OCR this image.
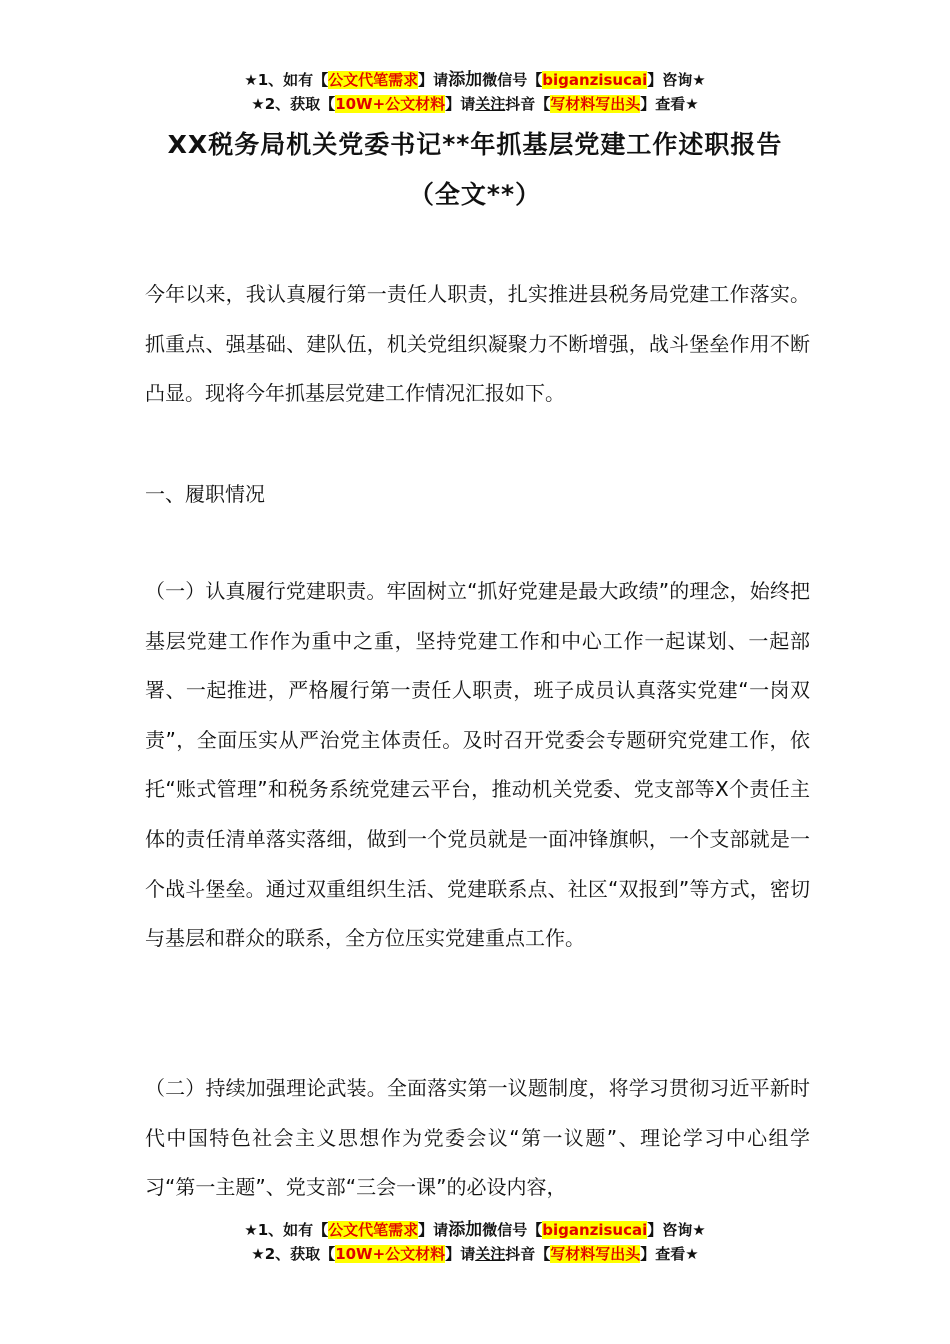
★1、如有【公文代笔需求】请添加微信号【biganzisucai】咨询★
★2、获取【10W+公文材料】请关注抖音【写材料写出头】查看★
XX税务局机关党委书记**年抓基层党建工作述职报告（全文**）

今年以来，我认真履行第一责任人职责，扎实推进县税务局党建工作落实。抓重点、强基础、建队伍，机关党组织凝聚力不断增强，战斗堡垒作用不断凸显。现将今年抓基层党建工作情况汇报如下。

一、履职情况

（一）认真履行党建职责。牢固树立“抓好党建是最大政绩”的理念，始终把基层党建工作作为重中之重，坚持党建工作和中心工作一起谋划、一起部署、一起推进，严格履行第一责任人职责，班子成员认真落实党建“一岗双责”，全面压实从严治党主体责任。及时召开党委会专题研究党建工作，依托“账式管理”和税务系统党建云平台，推动机关党委、党支部等X个责任主体的责任清单落实落细，做到一个党员就是一面冲锋旗帜，一个支部就是一个战斗堡垒。通过双重组织生活、党建联系点、社区“双报到”等方式，密切与基层和群众的联系，全方位压实党建重点工作。

（二）持续加强理论武装。全面落实第一议题制度，将学习贯彻习近平新时代中国特色社会主义思想作为党委会议“第一议题”、理论学习中心组学习“第一主题”、党支部“三会一课”的必设内容，

★1、如有【公文代笔需求】请添加微信号【biganzisucai】咨询★
★2、获取【10W+公文材料】请关注抖音【写材料写出头】查看★
